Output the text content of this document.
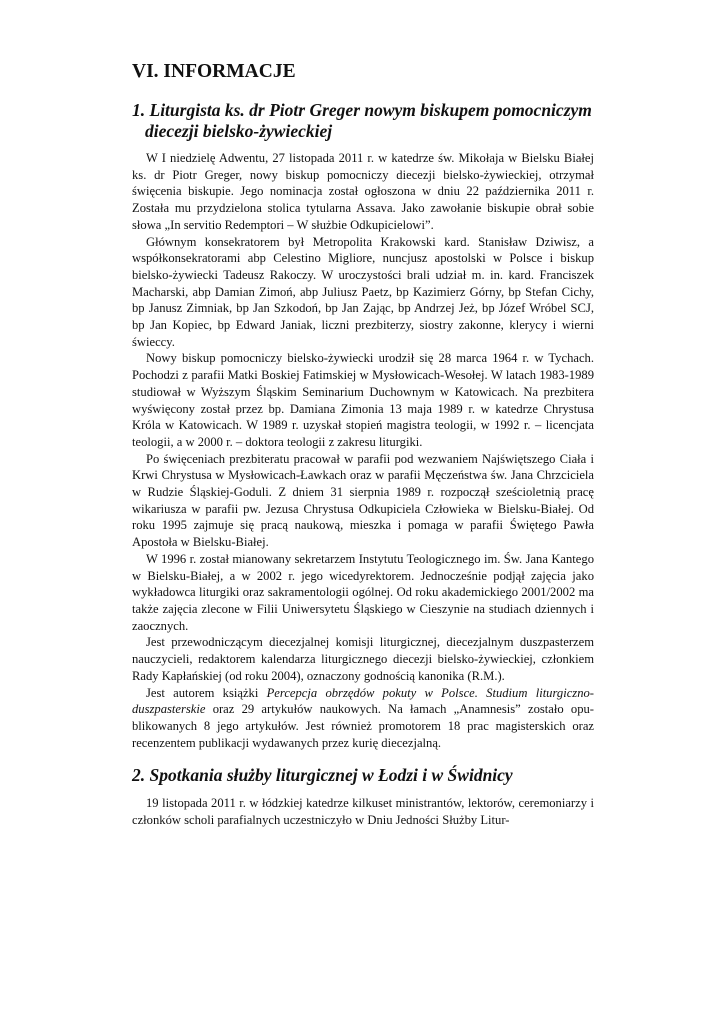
VI. INFORMACJE
1. Liturgista ks. dr Piotr Greger nowym biskupem pomocniczym diecezji bielsko-żywieckiej

W I niedzielę Adwentu, 27 listopada 2011 r. w katedrze św. Mikołaja w Bielsku Białej ks. dr Piotr Greger, nowy biskup pomocniczy diecezji bielsko-żywieckiej, otrzymał święcenia biskupie. Jego nominacja został ogłoszona w dniu 22 października 2011 r. Została mu przydzielona stolica tytularna Assava. Jako zawołanie biskupie obrał sobie słowa „In servitio Redemptori – W służbie Odkupicielowi”.

Głównym konsekratorem był Metropolita Krakowski kard. Stanisław Dziwisz, a współkonsekratorami abp Celestino Migliore, nuncjusz apostolski w Polsce i biskup bielsko-żywiecki Tadeusz Rakoczy. W uroczystości brali udział m. in. kard. Franciszek Macharski, abp Damian Zimoń, abp Juliusz Paetz, bp Kazimierz Górny, bp Stefan Cichy, bp Janusz Zimniak, bp Jan Szkodoń, bp Jan Zając, bp Andrzej Jeż, bp Józef Wróbel SCJ, bp Jan Kopiec, bp Edward Janiak, liczni prezbiterzy, siostry zakonne, klerycy i wierni świeccy.

Nowy biskup pomocniczy bielsko-żywiecki urodził się 28 marca 1964 r. w Tychach. Pochodzi z parafii Matki Boskiej Fatimskiej w Mysłowicach-Wesołej. W latach 1983-1989 studiował w Wyższym Śląskim Seminarium Duchownym w Katowicach. Na prezbitera wyświęcony został przez bp. Damiana Zimonia 13 maja 1989 r. w katedrze Chrystusa Króla w Katowicach. W 1989 r. uzyskał stopień magistra teologii, w 1992 r. – licencjata teologii, a w 2000 r. – doktora teologii z zakresu liturgiki.

Po święceniach prezbiteratu pracował w parafii pod wezwaniem Najświętszego Ciała i Krwi Chrystusa w Mysłowicach-Ławkach oraz w parafii Męczeństwa św. Jana Chrzciciela w Rudzie Śląskiej-Goduli. Z dniem 31 sierpnia 1989 r. rozpoczął sześcioletnią pracę wikariusza w parafii pw. Jezusa Chrystusa Odkupiciela Człowieka w Bielsku-Białej. Od roku 1995 zajmuje się pracą naukową, mieszka i pomaga w parafii Świętego Pawła Apostoła w Bielsku-Białej.

W 1996 r. został mianowany sekretarzem Instytutu Teologicznego im. Św. Jana Kantego w Bielsku-Białej, a w 2002 r. jego wicedyrektorem. Jednocześnie podjął zajęcia jako wykładowca liturgiki oraz sakramentologii ogólnej. Od roku akademickiego 2001/2002 ma także zajęcia zlecone w Filii Uniwersytetu Śląskiego w Cieszynie na studiach dziennych i zaocznych.

Jest przewodniczącym diecezjalnej komisji liturgicznej, diecezjalnym duszpasterzem nauczycieli, redaktorem kalendarza liturgicznego diecezji bielsko-żywieckiej, członkiem Rady Kapłańskiej (od roku 2004), oznaczony godnością kanonika (R.M.).

Jest autorem książki Percepcja obrzędów pokuty w Polsce. Studium liturgiczno-duszpasterskie oraz 29 artykułów naukowych. Na łamach „Anamnesis” zostało opublikowanych 8 jego artykułów. Jest również promotorem 18 prac magisterskich oraz recenzentem publikacji wydawanych przez kurię diecezjalną.

2. Spotkania służby liturgicznej w Łodzi i w Świdnicy

19 listopada 2011 r. w łódzkiej katedrze kilkuset ministrantów, lektorów, ceremoniarzy i członków scholi parafialnych uczestniczyło w Dniu Jedności Służby Litur-
